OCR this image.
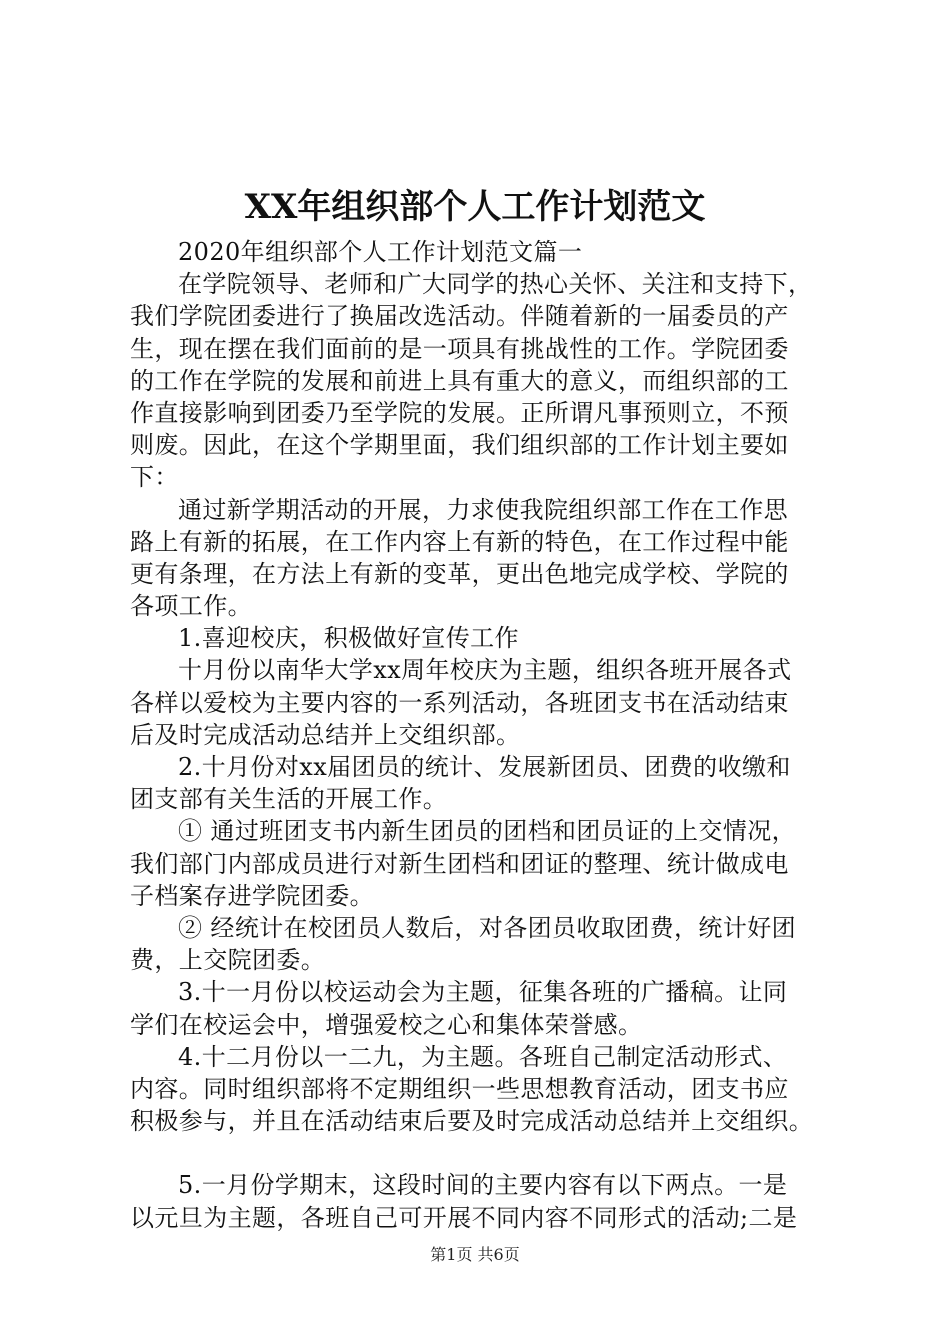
XX年组织部个人工作计划范文
2020年组织部个人工作计划范文篇一
在学院领导、老师和广大同学的热心关怀、关注和支持下，
我们学院团委进行了换届改选活动。伴随着新的一届委员的产
生，现在摆在我们面前的是一项具有挑战性的工作。学院团委
的工作在学院的发展和前进上具有重大的意义，而组织部的工
作直接影响到团委乃至学院的发展。正所谓凡事预则立，不预
则废。因此，在这个学期里面，我们组织部的工作计划主要如
下：
通过新学期活动的开展，力求使我院组织部工作在工作思
路上有新的拓展，在工作内容上有新的特色，在工作过程中能
更有条理，在方法上有新的变革，更出色地完成学校、学院的
各项工作。
1.喜迎校庆，积极做好宣传工作
十月份以南华大学xx周年校庆为主题，组织各班开展各式
各样以爱校为主要内容的一系列活动，各班团支书在活动结束
后及时完成活动总结并上交组织部。
2.十月份对xx届团员的统计、发展新团员、团费的收缴和
团支部有关生活的开展工作。
① 通过班团支书内新生团员的团档和团员证的上交情况，
我们部门内部成员进行对新生团档和团证的整理、统计做成电
子档案存进学院团委。
② 经统计在校团员人数后，对各团员收取团费，统计好团
费，上交院团委。
3.十一月份以校运动会为主题，征集各班的广播稿。让同
学们在校运会中，增强爱校之心和集体荣誉感。
4.十二月份以一二九，为主题。各班自己制定活动形式、
内容。同时组织部将不定期组织一些思想教育活动，团支书应
积极参与，并且在活动结束后要及时完成活动总结并上交组织。
5.一月份学期末，这段时间的主要内容有以下两点。一是
以元旦为主题，各班自己可开展不同内容不同形式的活动;二是
第1页 共6页
